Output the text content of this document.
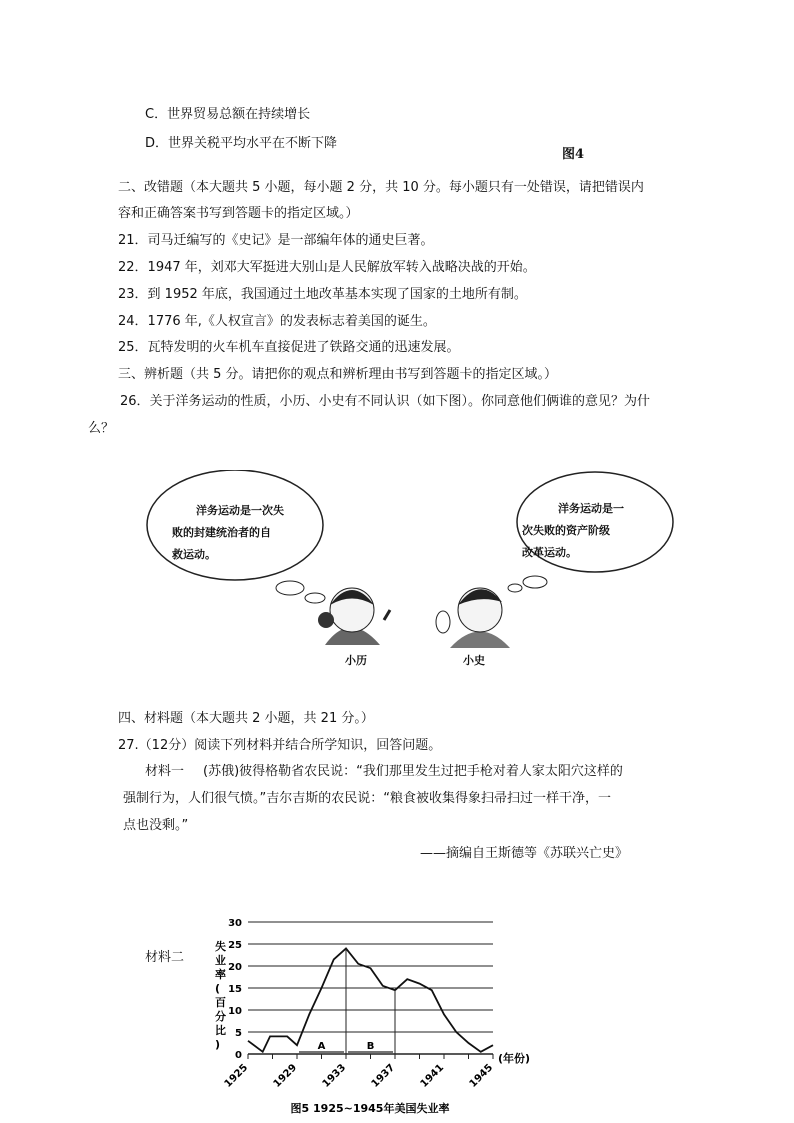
C．世界贸易总额在持续增长
D．世界关税平均水平在不断下降
图4
二、改错题（本大题共 5 小题，每小题 2 分，共 10 分。每小题只有一处错误，请把错误内
容和正确答案书写到答题卡的指定区域。）
21．司马迁编写的《史记》是一部编年体的通史巨著。
22．1947 年，刘邓大军挺进大别山是人民解放军转入战略决战的开始。
23．到 1952 年底，我国通过土地改革基本实现了国家的土地所有制。
24．1776 年,《人权宣言》的发表标志着美国的诞生。
25．瓦特发明的火车机车直接促进了铁路交通的迅速发展。
三、辨析题（共 5 分。请把你的观点和辨析理由书写到答题卡的指定区域。）
26．关于洋务运动的性质，小历、小史有不同认识（如下图）。你同意他们俩谁的意见？为什
么？
洋务运动是一次失
败的封建统治者的自
救运动。
洋务运动是一
次失败的资产阶级
改革运动。
小历	小史
四、材料题（本大题共 2 小题，共 21 分。）
27.（12分）阅读下列材料并结合所学知识，回答问题。
材料一 (苏俄)彼得格勒省农民说：“我们那里发生过把手枪对着人家太阳穴这样的
强制行为，人们很气愤。”吉尔吉斯的农民说：“粮食被收集得象扫帚扫过一样干净，一
点也没剩。”
——摘编自王斯德等《苏联兴亡史》
材料二
0
5
10
15
20
25
30
1925 1929 1933 1937 1941 1945
A	B
失业率(百分比)
(年份)
图5 1925~1945年美国失业率
